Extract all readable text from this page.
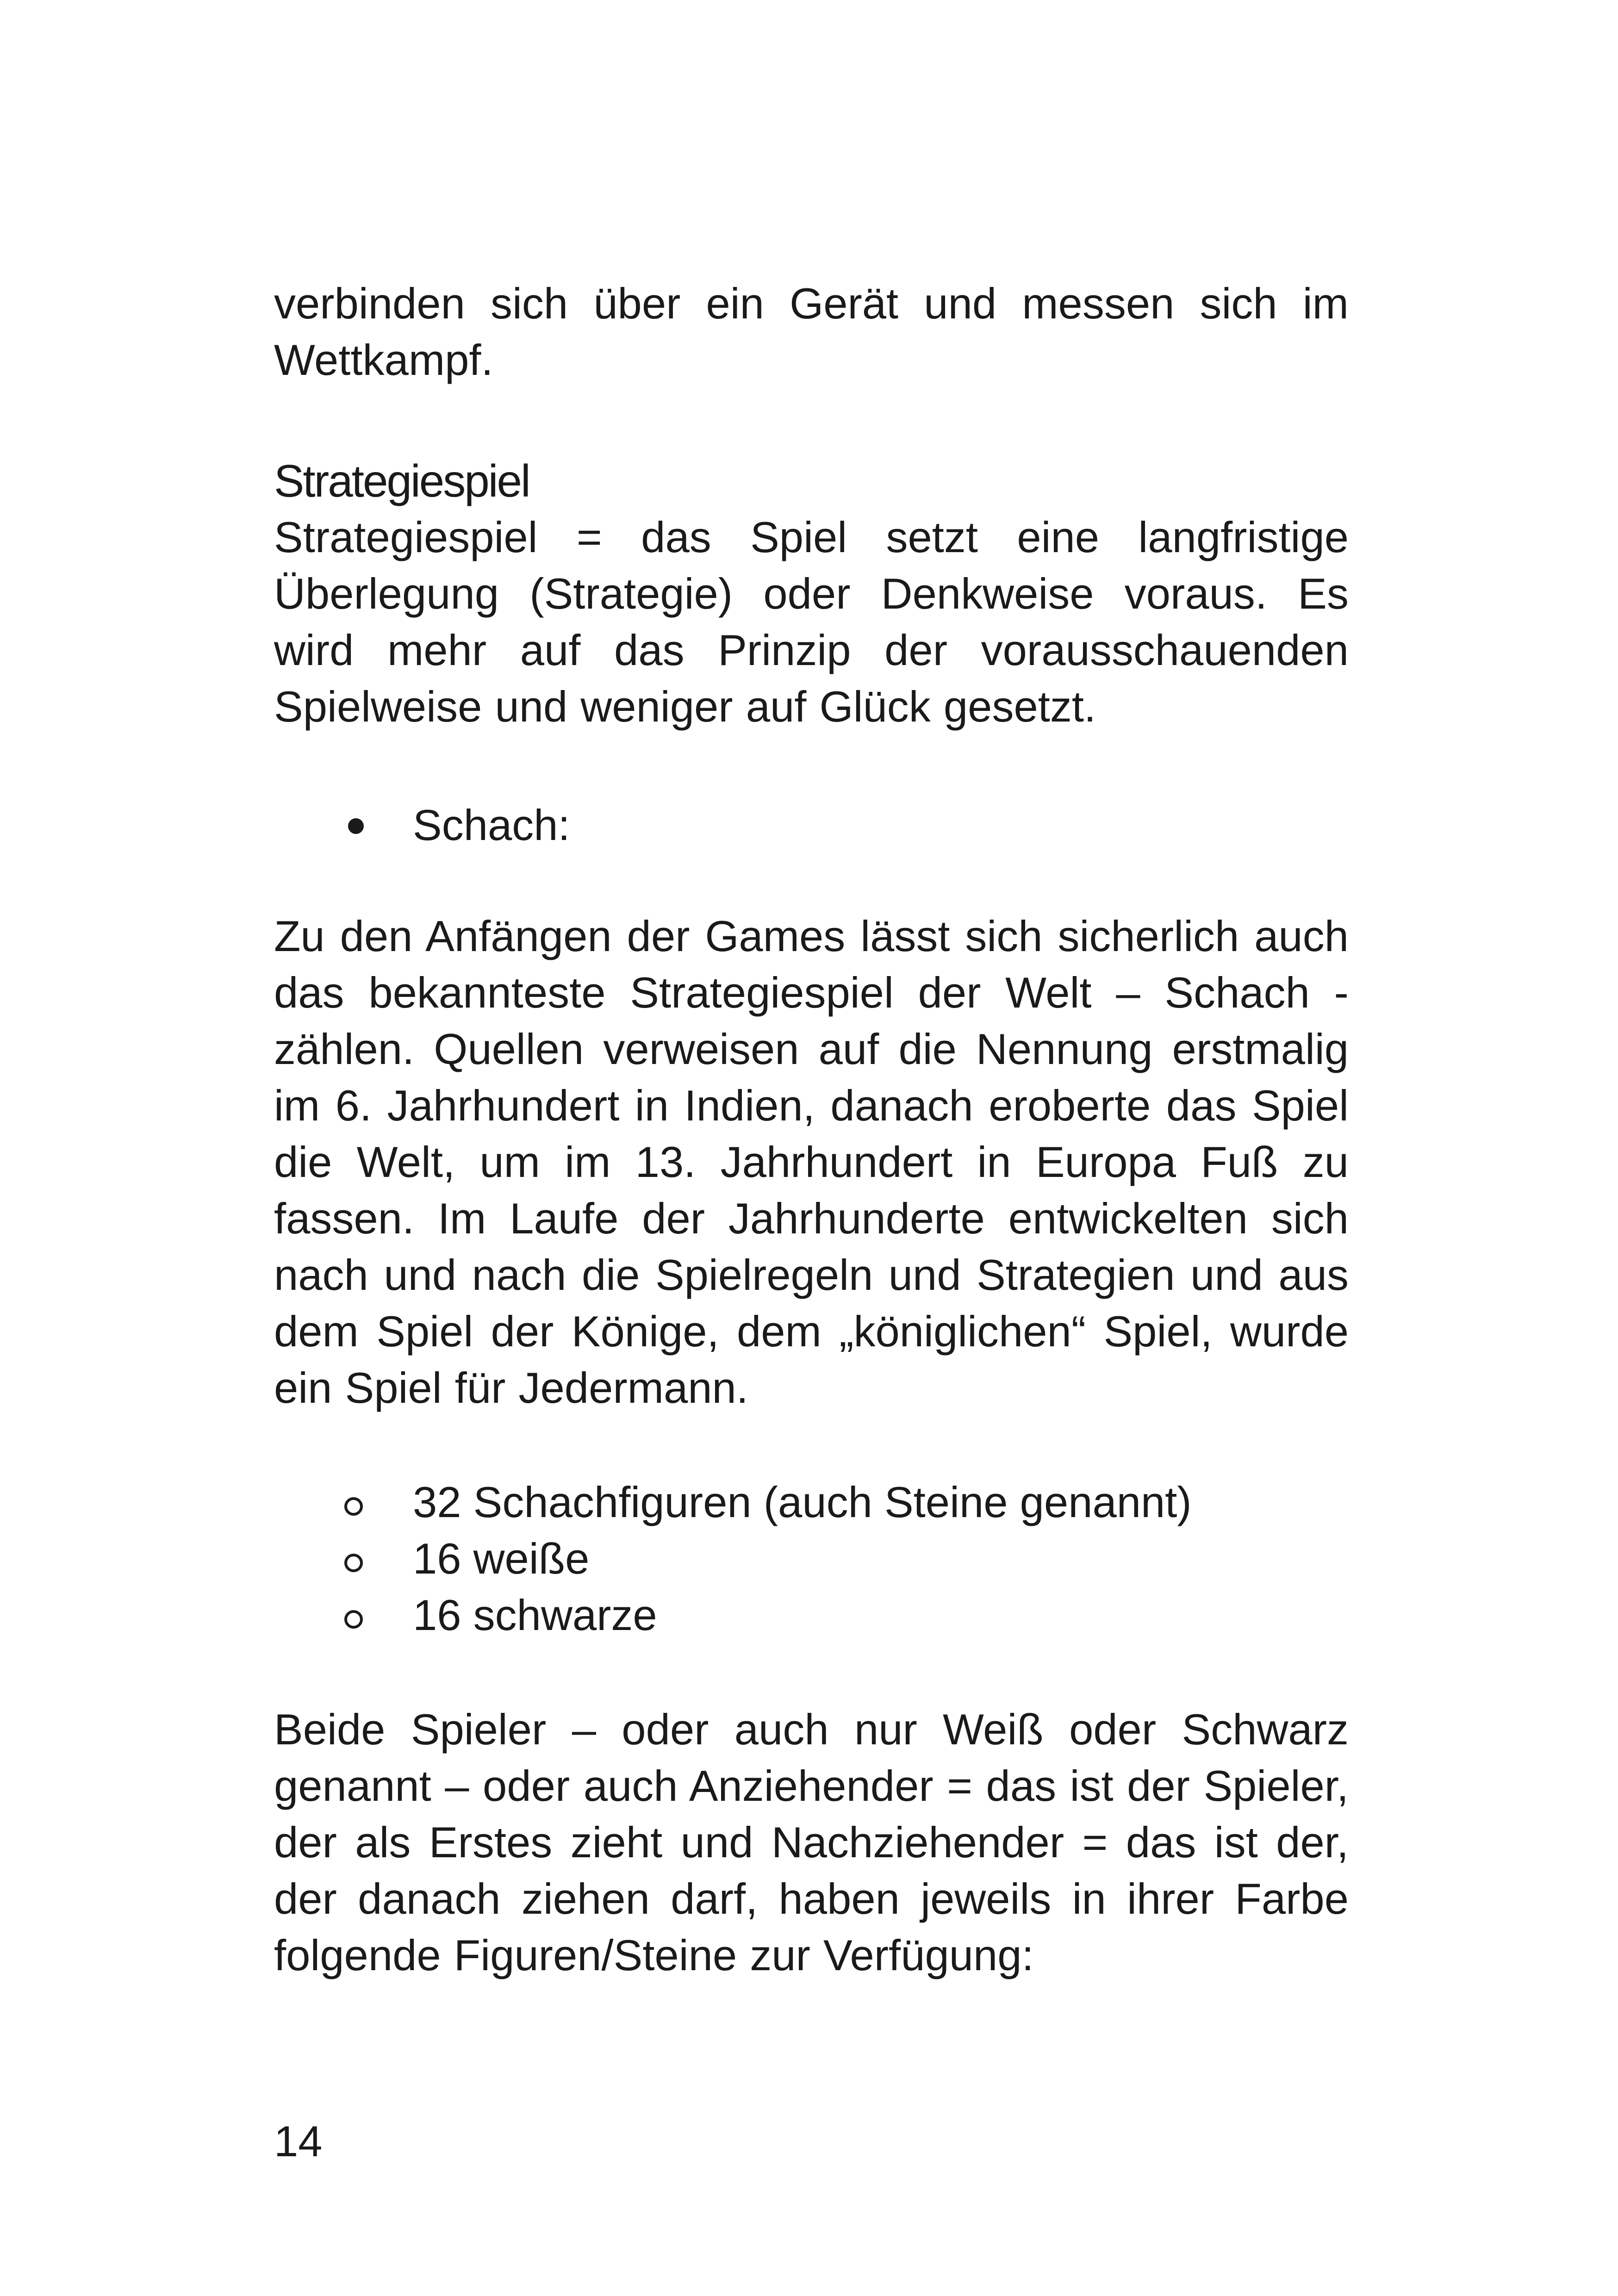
verbinden sich über ein Gerät und messen sich im Wettkampf.

Strategiespiel

Strategiespiel = das Spiel setzt eine langfristige Überlegung (Strategie) oder Denkweise voraus. Es wird mehr auf das Prinzip der vorausschauenden Spielweise und weniger auf Glück gesetzt.

Schach:

Zu den Anfängen der Games lässt sich sicherlich auch das bekannteste Strategiespiel der Welt – Schach - zählen. Quellen verweisen auf die Nennung erstmalig im 6. Jahrhundert in Indien, danach eroberte das Spiel die Welt, um im 13. Jahrhundert in Europa Fuß zu fassen. Im Laufe der Jahrhunderte entwickelten sich nach und nach die Spielregeln und Strategien und aus dem Spiel der Könige, dem „königlichen“ Spiel, wurde ein Spiel für Jedermann.

32 Schachfiguren (auch Steine genannt)
16 weiße
16 schwarze

Beide Spieler – oder auch nur Weiß oder Schwarz genannt – oder auch Anziehender = das ist der Spieler, der als Erstes zieht und Nachziehender = das ist der, der danach ziehen darf, haben jeweils in ihrer Farbe folgende Figuren/Steine zur Verfügung:

14
